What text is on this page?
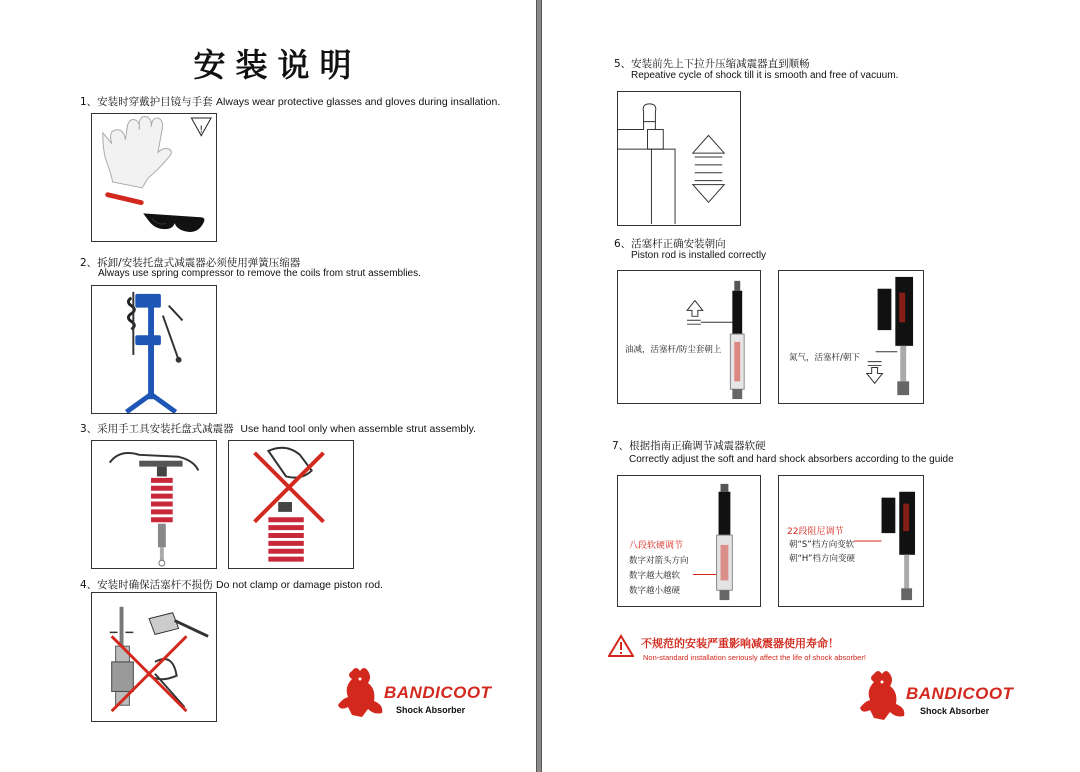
安装说明
1、安装时穿戴护目镜与手套 Always wear protective glasses and gloves during insallation.
!
2、拆卸/安装托盘式减震器必须使用弹簧压缩器
Always use spring compressor to remove the coils from strut assemblies.
3、采用手工具安装托盘式减震器 Use hand tool only when assemble strut assembly.
4、安装时确保活塞杆不损伤 Do not clamp or damage piston rod.
BANDICOOT
Shock Absorber
5、安装前先上下拉升压缩减震器直到顺畅
Repeative cycle of shock till it is smooth and free of vacuum.
6、活塞杆正确安装朝向
Piston rod is installed correctly
油减，活塞杆/防尘套朝上
氮气，活塞杆/朝下
7、根据指南正确调节减震器软硬
Correctly adjust the soft and hard shock absorbers according to the guide
八段软硬调节
数字对箭头方向
数字越大越软
数字越小越硬
22段阻尼调节
朝“S”档方向变软
朝“H”档方向变硬
不规范的安装严重影响减震器使用寿命！
Non-standard installation seriously affect the life of shock absorber!
BANDICOOT
Shock Absorber
